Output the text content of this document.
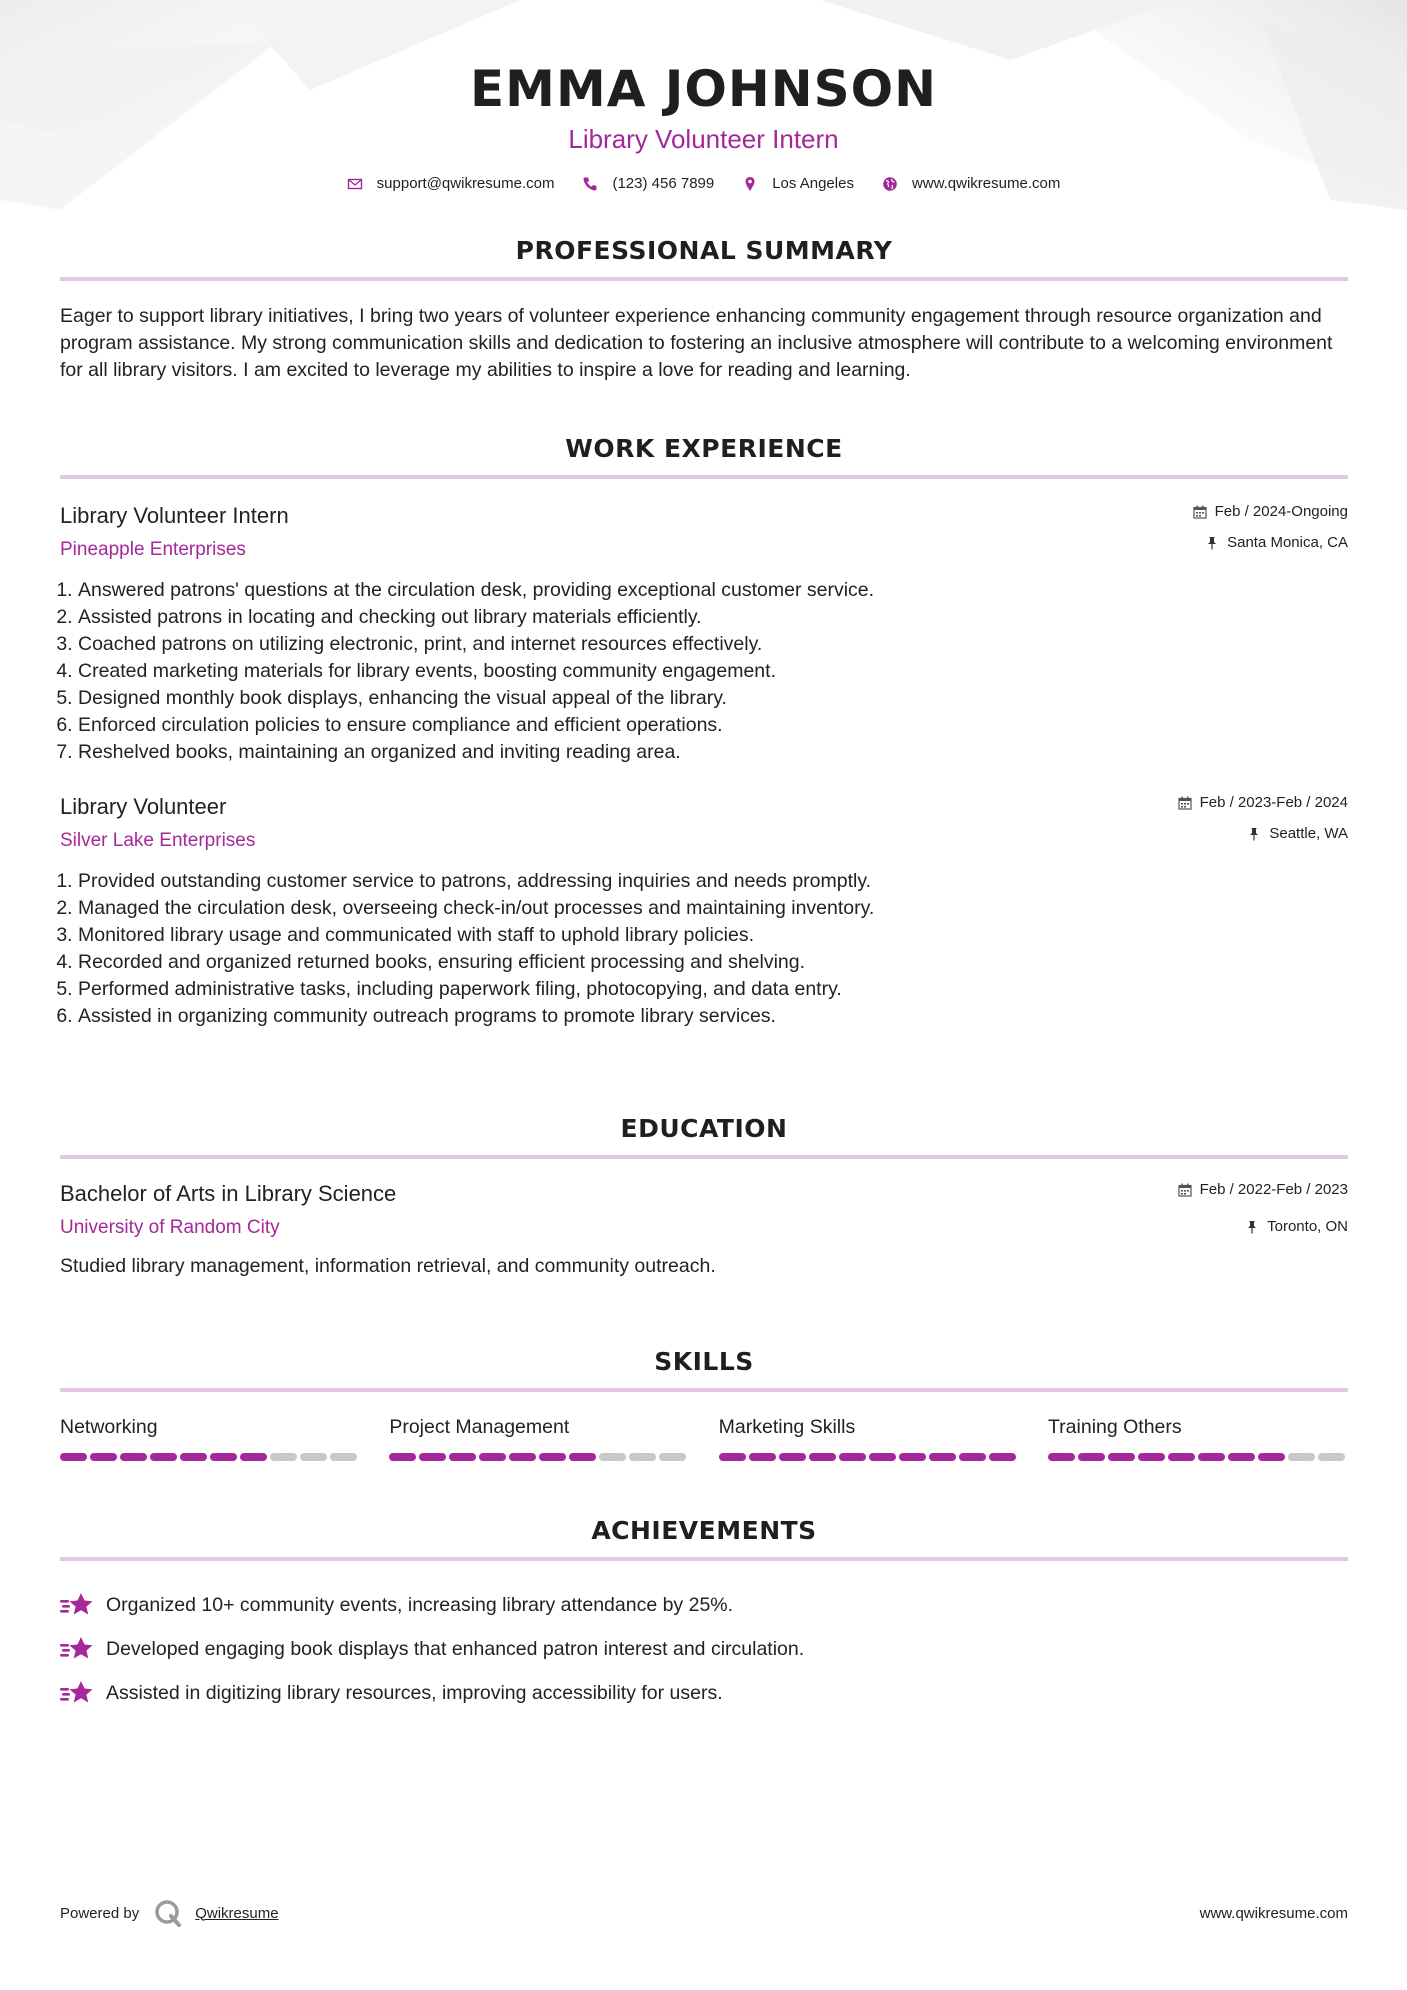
EMMA JOHNSON
Library Volunteer Intern
support@qwikresume.com	(123) 456 7899	Los Angeles	www.qwikresume.com
PROFESSIONAL SUMMARY

Eager to support library initiatives, I bring two years of volunteer experience enhancing community engagement through resource organization and program assistance. My strong communication skills and dedication to fostering an inclusive atmosphere will contribute to a welcoming environment for all library visitors. I am excited to leverage my abilities to inspire a love for reading and learning.

WORK EXPERIENCE
Library Volunteer Intern
Pineapple Enterprises
Feb / 2024-Ongoing
Santa Monica, CA
1. Answered patrons' questions at the circulation desk, providing exceptional customer service.
2. Assisted patrons in locating and checking out library materials efficiently.
3. Coached patrons on utilizing electronic, print, and internet resources effectively.
4. Created marketing materials for library events, boosting community engagement.
5. Designed monthly book displays, enhancing the visual appeal of the library.
6. Enforced circulation policies to ensure compliance and efficient operations.
7. Reshelved books, maintaining an organized and inviting reading area.
Library Volunteer
Silver Lake Enterprises
Feb / 2023-Feb / 2024
Seattle, WA
1. Provided outstanding customer service to patrons, addressing inquiries and needs promptly.
2. Managed the circulation desk, overseeing check-in/out processes and maintaining inventory.
3. Monitored library usage and communicated with staff to uphold library policies.
4. Recorded and organized returned books, ensuring efficient processing and shelving.
5. Performed administrative tasks, including paperwork filing, photocopying, and data entry.
6. Assisted in organizing community outreach programs to promote library services.
EDUCATION
Bachelor of Arts in Library Science
University of Random City
Feb / 2022-Feb / 2023
Toronto, ON
Studied library management, information retrieval, and community outreach.
SKILLS
Networking	Project Management	Marketing Skills	Training Others
ACHIEVEMENTS
Organized 10+ community events, increasing library attendance by 25%.
Developed engaging book displays that enhanced patron interest and circulation.
Assisted in digitizing library resources, improving accessibility for users.
Powered by	Qwikresume	www.qwikresume.com
